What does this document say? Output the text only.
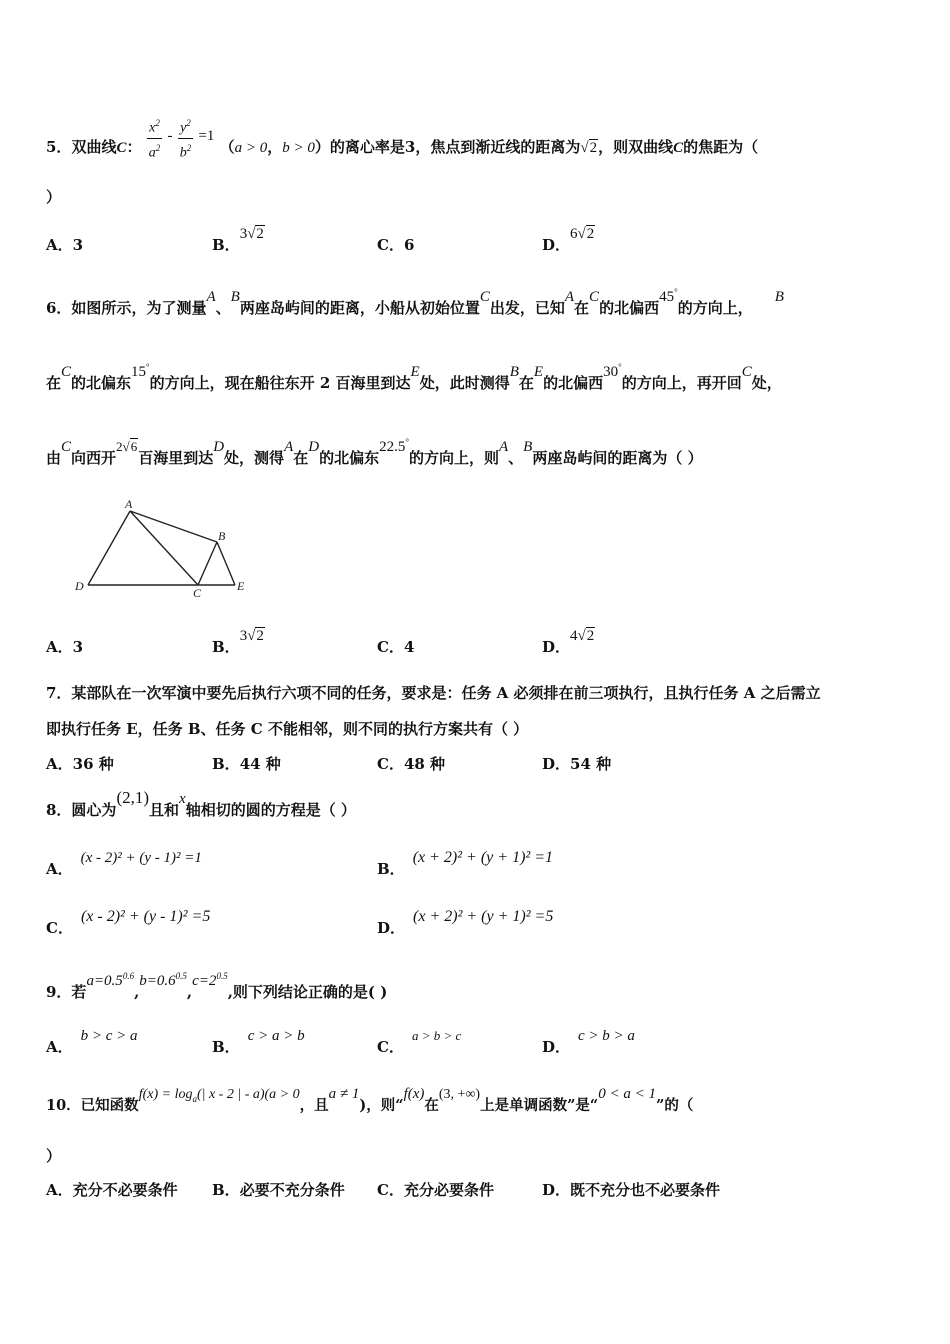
5．双曲线C： $\frac{x^2}{a^2} - \frac{y^2}{b^2} =1$ （a > 0，b > 0）的离心率是3，焦点到渐近线的距离为√2，则双曲线C的焦距为（
）
A．3	B．3√2
C．6	D．6√2
6．如图所示，为了测量A、B两座岛屿间的距离，小船从初始位置C出发，已知A在C的北偏西45°的方向上，B
在C的北偏东15°的方向上，现在船往东开 2 百海里到达E处，此时测得B在E的北偏西30°的方向上，再开回C处，
由C向西开2√6百海里到达D处，测得A在D的北偏东22.5°的方向上，则A、B两座岛屿间的距离为（ ）
A
B
C
D	E
A．3	B．3√2
C．4	D．4√2
7．某部队在一次军演中要先后执行六项不同的任务，要求是：任务 A 必须排在前三项执行，且执行任务 A 之后需立
即执行任务 E，任务 B、任务 C 不能相邻，则不同的执行方案共有（ ）
A．36 种	B．44 种	C．48 种	D．54 种
8．圆心为(2,1)且和x轴相切的圆的方程是（ ）
A．(x - 2)² + (y - 1)² =1
B．(x + 2)² + (y + 1)² =1
C．(x - 2)² + (y - 1)² =5
D．(x + 2)² + (y + 1)² =5
9．若$a=0.5^{0.6},b=0.6^{0.5},c=2^{0.5}$,则下列结论正确的是( )
A．b > c > a
B．c > a > b
C．a > b > c
D．c > b > a
10．已知函数$f(x) = \log_a(|$ x - 2 | - a)(a > 0，且a ≠ 1)，则“f(x)在(3, +∞)上是单调函数”是“0 < a < 1”的（
）
A．充分不必要条件 B．必要不充分条件 C．充分必要条件	D．既不充分也不必要条件
